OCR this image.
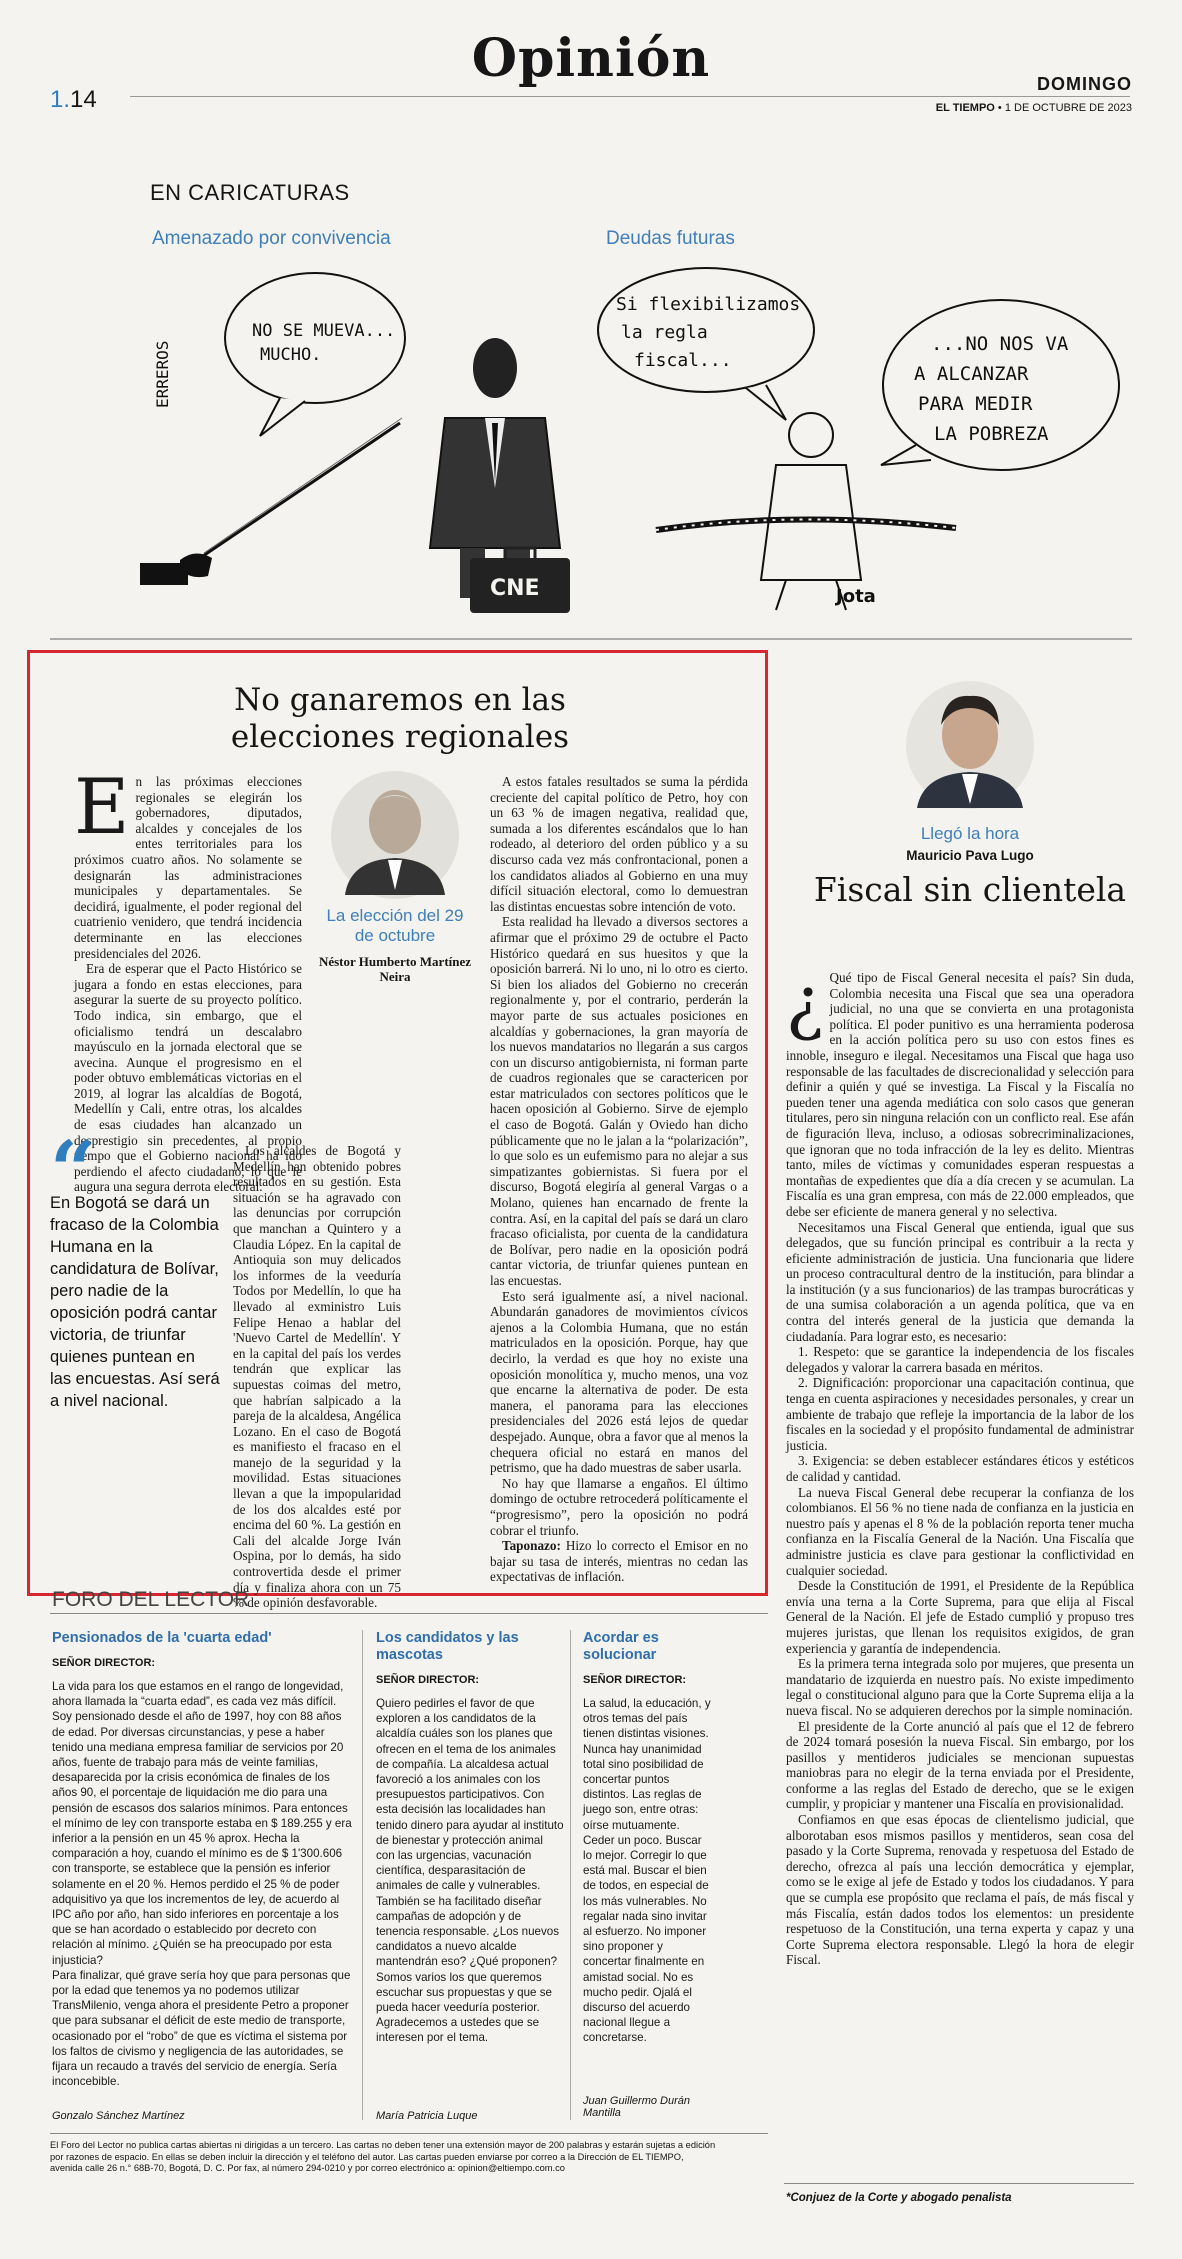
1.14
Opinión	DOMINGO
EL TIEMPO • 1 DE OCTUBRE DE 2023
EN CARICATURAS
Amenazado por convivencia
NO SE MUEVA...
MUCHO.
ERREROS
CNE
Deudas futuras
Si flexibilizamos
la regla
fiscal...
...NO NOS VA
A ALCANZAR
PARA MEDIR
LA POBREZA
Jota
No ganaremos en las elecciones regionales
E n las próximas elecciones regionales se elegirán los gobernadores, diputados, alcaldes y concejales de los entes territoriales para los próximos cuatro años. No solamente se designarán las administraciones municipales y departamentales. Se decidirá, igualmente, el poder regional del cuatrienio venidero, que tendrá incidencia determinante en las elecciones presidenciales del 2026.

Era de esperar que el Pacto Histórico se jugara a fondo en estas elecciones, para asegurar la suerte de su proyecto político. Todo indica, sin embargo, que el oficialismo tendrá un descalabro mayúsculo en la jornada electoral que se avecina. Aunque el progresismo en el poder obtuvo emblemáticas victorias en el 2019, al lograr las alcaldías de Bogotá, Medellín y Cali, entre otras, los alcaldes de esas ciudades han alcanzado un desprestigio sin precedentes, al propio tiempo que el Gobierno nacional ha ido perdiendo el afecto ciudadano, lo que le augura una segura derrota electoral.

La elección del 29 de octubre
Néstor Humberto Martínez Neira
“
En Bogotá se dará un fracaso de la Colombia Humana en la candidatura de Bolívar, pero nadie de la oposición podrá cantar victoria, de triunfar quienes puntean en las encuestas. Así será a nivel nacional.

Los alcaldes de Bogotá y Medellín han obtenido pobres resultados en su gestión. Esta situación se ha agravado con las denuncias por corrupción que manchan a Quintero y a Claudia López. En la capital de Antioquia son muy delicados los informes de la veeduría Todos por Medellín, lo que ha llevado al exministro Luis Felipe Henao a hablar del 'Nuevo Cartel de Medellín'. Y en la capital del país los verdes tendrán que explicar las supuestas coimas del metro, que habrían salpicado a la pareja de la alcaldesa, Angélica Lozano. En el caso de Bogotá es manifiesto el fracaso en el manejo de la seguridad y la movilidad. Estas situaciones llevan a que la impopularidad de los dos alcaldes esté por encima del 60 %. La gestión en Cali del alcalde Jorge Iván Ospina, por lo demás, ha sido controvertida desde el primer día y finaliza ahora con un 75 % de opinión desfavorable.

A estos fatales resultados se suma la pérdida creciente del capital político de Petro, hoy con un 63 % de imagen negativa, realidad que, sumada a los diferentes escándalos que lo han rodeado, al deterioro del orden público y a su discurso cada vez más confrontacional, ponen a los candidatos aliados al Gobierno en una muy difícil situación electoral, como lo demuestran las distintas encuestas sobre intención de voto.

Esta realidad ha llevado a diversos sectores a afirmar que el próximo 29 de octubre el Pacto Histórico quedará en sus huesitos y que la oposición barrerá. Ni lo uno, ni lo otro es cierto. Si bien los aliados del Gobierno no crecerán regionalmente y, por el contrario, perderán la mayor parte de sus actuales posiciones en alcaldías y gobernaciones, la gran mayoría de los nuevos mandatarios no llegarán a sus cargos con un discurso antigobiernista, ni forman parte de cuadros regionales que se caractericen por estar matriculados con sectores políticos que le hacen oposición al Gobierno. Sirve de ejemplo el caso de Bogotá. Galán y Oviedo han dicho públicamente que no le jalan a la “polarización”, lo que solo es un eufemismo para no alejar a sus simpatizantes gobiernistas. Si fuera por el discurso, Bogotá elegiría al general Vargas o a Molano, quienes han encarnado de frente la contra. Así, en la capital del país se dará un claro fracaso oficialista, por cuenta de la candidatura de Bolívar, pero nadie en la oposición podrá cantar victoria, de triunfar quienes puntean en las encuestas.

Esto será igualmente así, a nivel nacional. Abundarán ganadores de movimientos cívicos ajenos a la Colombia Humana, que no están matriculados en la oposición. Porque, hay que decirlo, la verdad es que hoy no existe una oposición monolítica y, mucho menos, una voz que encarne la alternativa de poder. De esta manera, el panorama para las elecciones presidenciales del 2026 está lejos de quedar despejado. Aunque, obra a favor que al menos la chequera oficial no estará en manos del petrismo, que ha dado muestras de saber usarla.

No hay que llamarse a engaños. El último domingo de octubre retrocederá políticamente el “progresismo”, pero la oposición no podrá cobrar el triunfo.

Taponazo: Hizo lo correcto el Emisor en no bajar su tasa de interés, mientras no cedan las expectativas de inflación.

Llegó la hora
Mauricio Pava Lugo
Fiscal sin clientela
¿ Qué tipo de Fiscal General necesita el país? Sin duda, Colombia necesita una Fiscal que sea una operadora judicial, no una que se convierta en una protagonista política. El poder punitivo es una herramienta poderosa en la acción política pero su uso con estos fines es innoble, inseguro e ilegal. Necesitamos una Fiscal que haga uso responsable de las facultades de discrecionalidad y selección para definir a quién y qué se investiga. La Fiscal y la Fiscalía no pueden tener una agenda mediática con solo casos que generan titulares, pero sin ninguna relación con un conflicto real. Ese afán de figuración lleva, incluso, a odiosas sobrecriminalizaciones, que ignoran que no toda infracción de la ley es delito. Mientras tanto, miles de víctimas y comunidades esperan respuestas a montañas de expedientes que día a día crecen y se acumulan. La Fiscalía es una gran empresa, con más de 22.000 empleados, que debe ser eficiente de manera general y no selectiva.

Necesitamos una Fiscal General que entienda, igual que sus delegados, que su función principal es contribuir a la recta y eficiente administración de justicia. Una funcionaria que lidere un proceso contracultural dentro de la institución, para blindar a la institución (y a sus funcionarios) de las trampas burocráticas y de una sumisa colaboración a un agenda política, que va en contra del interés general de la justicia que demanda la ciudadanía. Para lograr esto, es necesario:

1. Respeto: que se garantice la independencia de los fiscales delegados y valorar la carrera basada en méritos.

2. Dignificación: proporcionar una capacitación continua, que tenga en cuenta aspiraciones y necesidades personales, y crear un ambiente de trabajo que refleje la importancia de la labor de los fiscales en la sociedad y el propósito fundamental de administrar justicia.

3. Exigencia: se deben establecer estándares éticos y estéticos de calidad y cantidad.

La nueva Fiscal General debe recuperar la confianza de los colombianos. El 56 % no tiene nada de confianza en la justicia en nuestro país y apenas el 8 % de la población reporta tener mucha confianza en la Fiscalía General de la Nación. Una Fiscalía que administre justicia es clave para gestionar la conflictividad en cualquier sociedad.

Desde la Constitución de 1991, el Presidente de la República envía una terna a la Corte Suprema, para que elija al Fiscal General de la Nación. El jefe de Estado cumplió y propuso tres mujeres juristas, que llenan los requisitos exigidos, de gran experiencia y garantía de independencia.

Es la primera terna integrada solo por mujeres, que presenta un mandatario de izquierda en nuestro país. No existe impedimento legal o constitucional alguno para que la Corte Suprema elija a la nueva fiscal. No se adquieren derechos por la simple nominación.

El presidente de la Corte anunció al país que el 12 de febrero de 2024 tomará posesión la nueva Fiscal. Sin embargo, por los pasillos y mentideros judiciales se mencionan supuestas maniobras para no elegir de la terna enviada por el Presidente, conforme a las reglas del Estado de derecho, que se le exigen cumplir, y propiciar y mantener una Fiscalía en provisionalidad.

Confiamos en que esas épocas de clientelismo judicial, que alborotaban esos mismos pasillos y mentideros, sean cosa del pasado y la Corte Suprema, renovada y respetuosa del Estado de derecho, ofrezca al país una lección democrática y ejemplar, como se le exige al jefe de Estado y todos los ciudadanos. Y para que se cumpla ese propósito que reclama el país, de más fiscal y más Fiscalía, están dados todos los elementos: un presidente respetuoso de la Constitución, una terna experta y capaz y una Corte Suprema electora responsable. Llegó la hora de elegir Fiscal.

*Conjuez de la Corte y abogado penalista
FORO DEL LECTOR
Pensionados de la 'cuarta edad'
SEÑOR DIRECTOR:
La vida para los que estamos en el rango de longevidad, ahora llamada la “cuarta edad”, es cada vez más difícil. Soy pensionado desde el año de 1997, hoy con 88 años de edad. Por diversas circunstancias, y pese a haber tenido una mediana empresa familiar de servicios por 20 años, fuente de trabajo para más de veinte familias, desaparecida por la crisis económica de finales de los años 90, el porcentaje de liquidación me dio para una pensión de escasos dos salarios mínimos. Para entonces el mínimo de ley con transporte estaba en $ 189.255 y era inferior a la pensión en un 45 % aprox. Hecha la comparación a hoy, cuando el mínimo es de $ 1'300.606 con transporte, se establece que la pensión es inferior solamente en el 20 %. Hemos perdido el 25 % de poder adquisitivo ya que los incrementos de ley, de acuerdo al IPC año por año, han sido inferiores en porcentaje a los que se han acordado o establecido por decreto con relación al mínimo. ¿Quién se ha preocupado por esta injusticia?
Para finalizar, qué grave sería hoy que para personas que por la edad que tenemos ya no podemos utilizar TransMilenio, venga ahora el presidente Petro a proponer que para subsanar el déficit de este medio de transporte, ocasionado por el “robo” de que es víctima el sistema por los faltos de civismo y negligencia de las autoridades, se fijara un recaudo a través del servicio de energía. Sería inconcebible.
Gonzalo Sánchez Martínez
Los candidatos y las mascotas
SEÑOR DIRECTOR:
Quiero pedirles el favor de que exploren a los candidatos de la alcaldía cuáles son los planes que ofrecen en el tema de los animales de compañía. La alcaldesa actual favoreció a los animales con los presupuestos participativos. Con esta decisión las localidades han tenido dinero para ayudar al instituto de bienestar y protección animal con las urgencias, vacunación científica, desparasitación de animales de calle y vulnerables. También se ha facilitado diseñar campañas de adopción y de tenencia responsable. ¿Los nuevos candidatos a nuevo alcalde mantendrán eso? ¿Qué proponen? Somos varios los que queremos escuchar sus propuestas y que se pueda hacer veeduría posterior. Agradecemos a ustedes que se interesen por el tema.
María Patricia Luque
Acordar es solucionar
SEÑOR DIRECTOR:
La salud, la educación, y otros temas del país tienen distintas visiones. Nunca hay unanimidad total sino posibilidad de concertar puntos distintos. Las reglas de juego son, entre otras: oírse mutuamente. Ceder un poco. Buscar lo mejor. Corregir lo que está mal. Buscar el bien de todos, en especial de los más vulnerables. No regalar nada sino invitar al esfuerzo. No imponer sino proponer y concertar finalmente en amistad social. No es mucho pedir. Ojalá el discurso del acuerdo nacional llegue a concretarse.
Juan Guillermo Durán Mantilla
El Foro del Lector no publica cartas abiertas ni dirigidas a un tercero. Las cartas no deben tener una extensión mayor de 200 palabras y estarán sujetas a edición por razones de espacio. En ellas se deben incluir la dirección y el teléfono del autor. Las cartas pueden enviarse por correo a la Dirección de EL TIEMPO, avenida calle 26 n.° 68B-70, Bogotá, D. C. Por fax, al número 294-0210 y por correo electrónico a: opinion@eltiempo.com.co
